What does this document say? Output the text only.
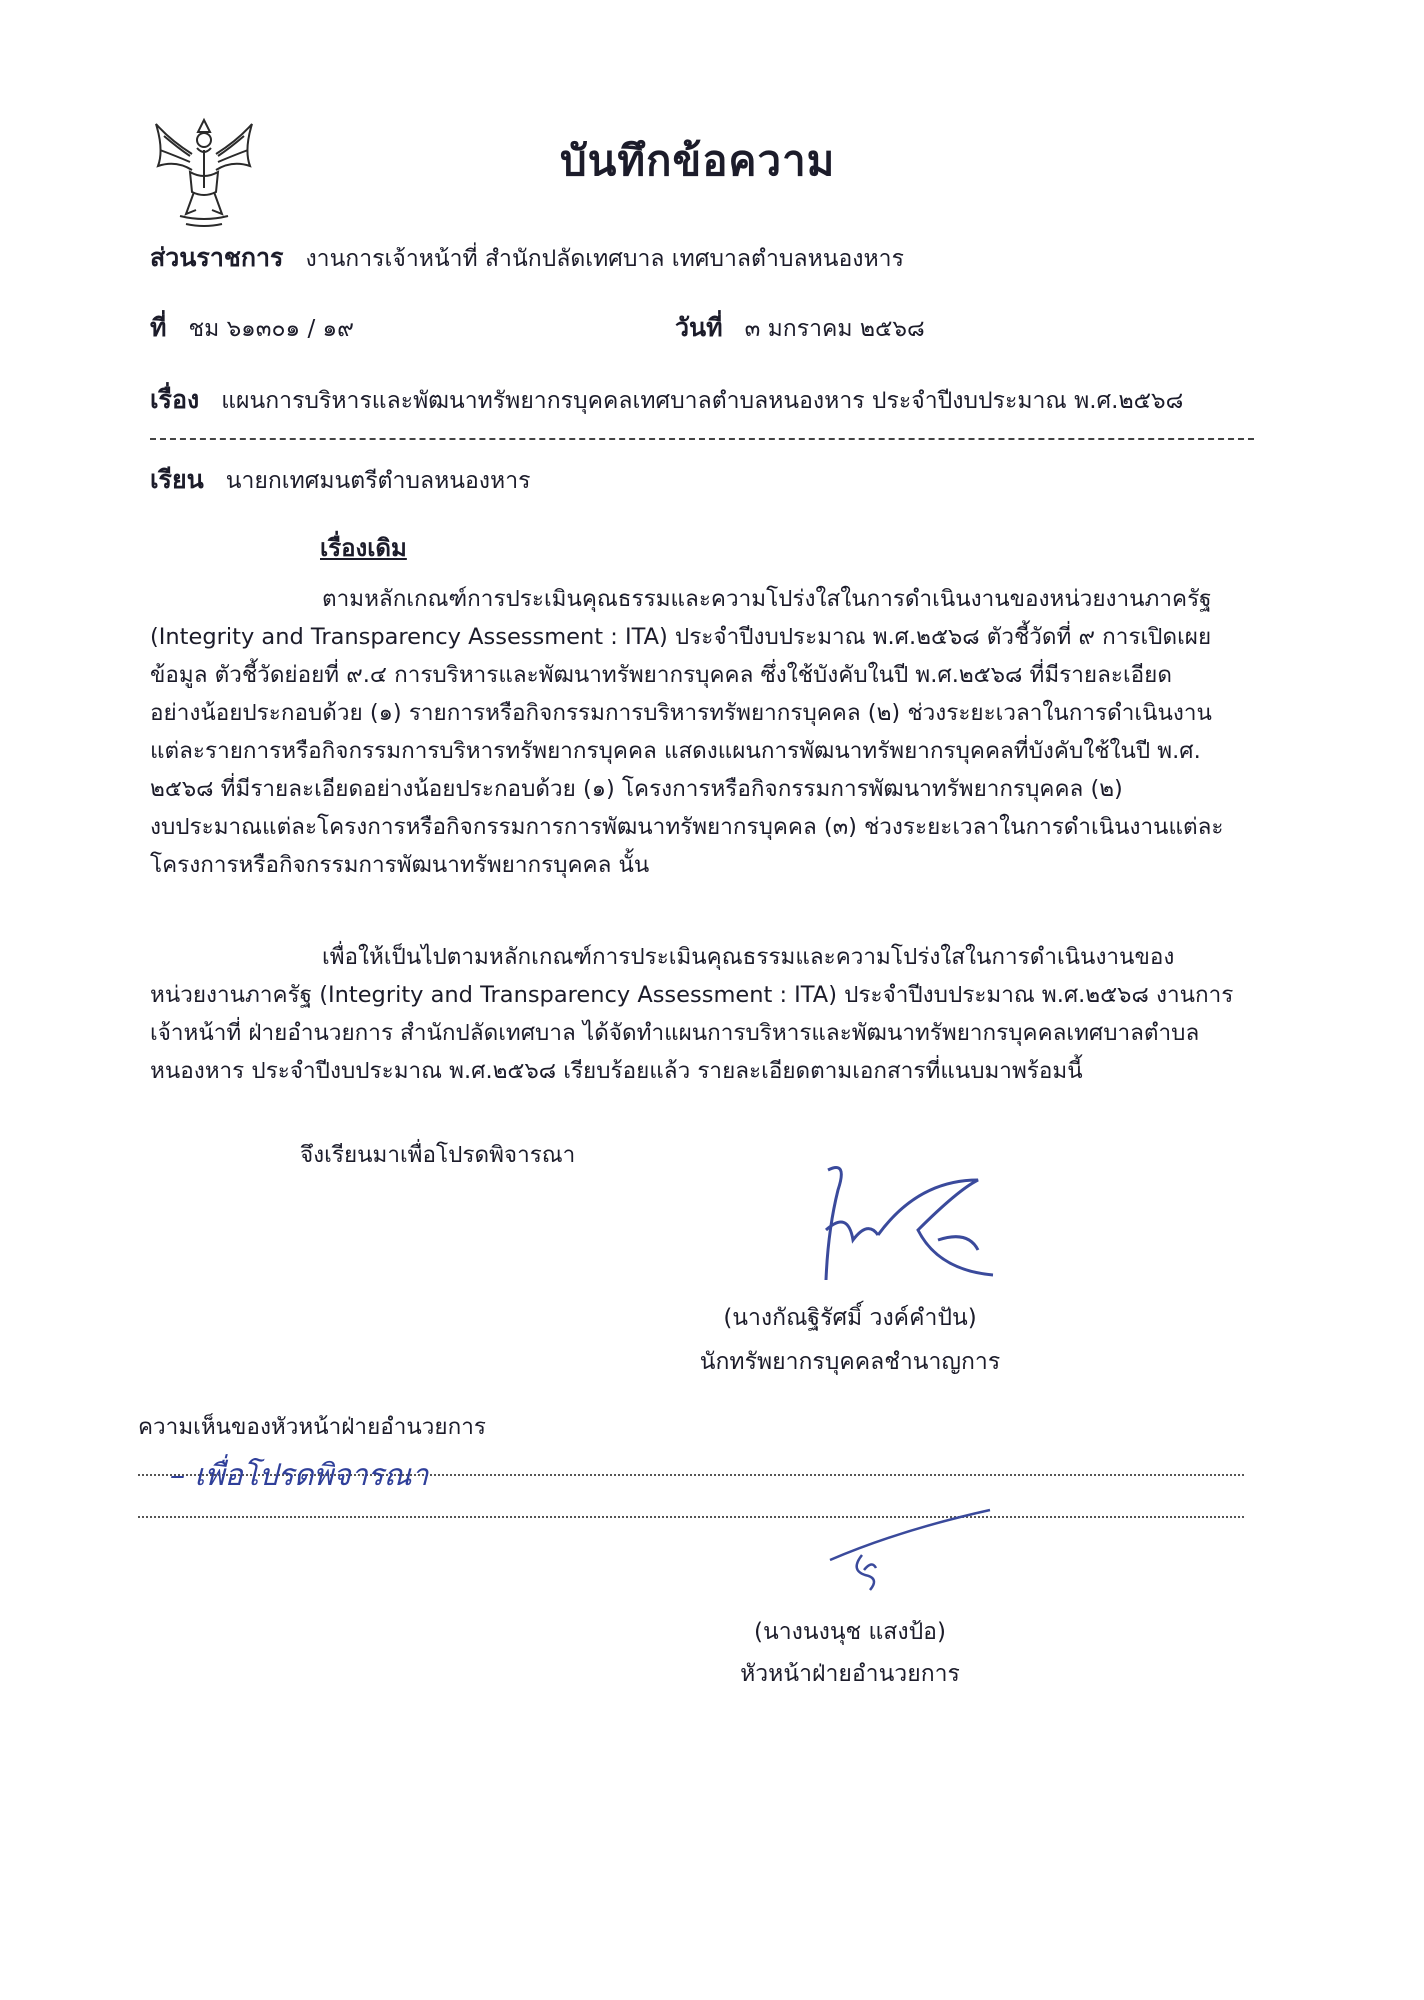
บันทึกข้อความ
ส่วนราชการ งานการเจ้าหน้าที่ สำนักปลัดเทศบาล เทศบาลตำบลหนองหาร
ที่ ชม ๖๑๓๐๑ / ๑๙	วันที่ ๓ มกราคม ๒๕๖๘
เรื่อง แผนการบริหารและพัฒนาทรัพยากรบุคคลเทศบาลตำบลหนองหาร ประจำปีงบประมาณ พ.ศ.๒๕๖๘
เรียน นายกเทศมนตรีตำบลหนองหาร
เรื่องเดิม
ตามหลักเกณฑ์การประเมินคุณธรรมและความโปร่งใสในการดำเนินงานของหน่วยงานภาครัฐ
(Integrity and Transparency Assessment : ITA) ประจำปีงบประมาณ พ.ศ.๒๕๖๘ ตัวชี้วัดที่ ๙ การเปิดเผย
ข้อมูล ตัวชี้วัดย่อยที่ ๙.๔ การบริหารและพัฒนาทรัพยากรบุคคล ซึ่งใช้บังคับในปี พ.ศ.๒๕๖๘ ที่มีรายละเอียด
อย่างน้อยประกอบด้วย (๑) รายการหรือกิจกรรมการบริหารทรัพยากรบุคคล (๒) ช่วงระยะเวลาในการดำเนินงาน
แต่ละรายการหรือกิจกรรมการบริหารทรัพยากรบุคคล แสดงแผนการพัฒนาทรัพยากรบุคคลที่บังคับใช้ในปี พ.ศ.
๒๕๖๘ ที่มีรายละเอียดอย่างน้อยประกอบด้วย (๑) โครงการหรือกิจกรรมการพัฒนาทรัพยากรบุคคล (๒)
งบประมาณแต่ละโครงการหรือกิจกรรมการการพัฒนาทรัพยากรบุคคล (๓) ช่วงระยะเวลาในการดำเนินงานแต่ละ
โครงการหรือกิจกรรมการพัฒนาทรัพยากรบุคคล นั้น
เพื่อให้เป็นไปตามหลักเกณฑ์การประเมินคุณธรรมและความโปร่งใสในการดำเนินงานของ
หน่วยงานภาครัฐ (Integrity and Transparency Assessment : ITA) ประจำปีงบประมาณ พ.ศ.๒๕๖๘ งานการ
เจ้าหน้าที่ ฝ่ายอำนวยการ สำนักปลัดเทศบาล ได้จัดทำแผนการบริหารและพัฒนาทรัพยากรบุคคลเทศบาลตำบล
หนองหาร ประจำปีงบประมาณ พ.ศ.๒๕๖๘ เรียบร้อยแล้ว รายละเอียดตามเอกสารที่แนบมาพร้อมนี้
จึงเรียนมาเพื่อโปรดพิจารณา
(นางกัณฐิรัศมิ์ วงค์คำปัน)
นักทรัพยากรบุคคลชำนาญการ
ความเห็นของหัวหน้าฝ่ายอำนวยการ
– เพื่อโปรดพิจารณา
(นางนงนุช แสงป้อ)
หัวหน้าฝ่ายอำนวยการ
